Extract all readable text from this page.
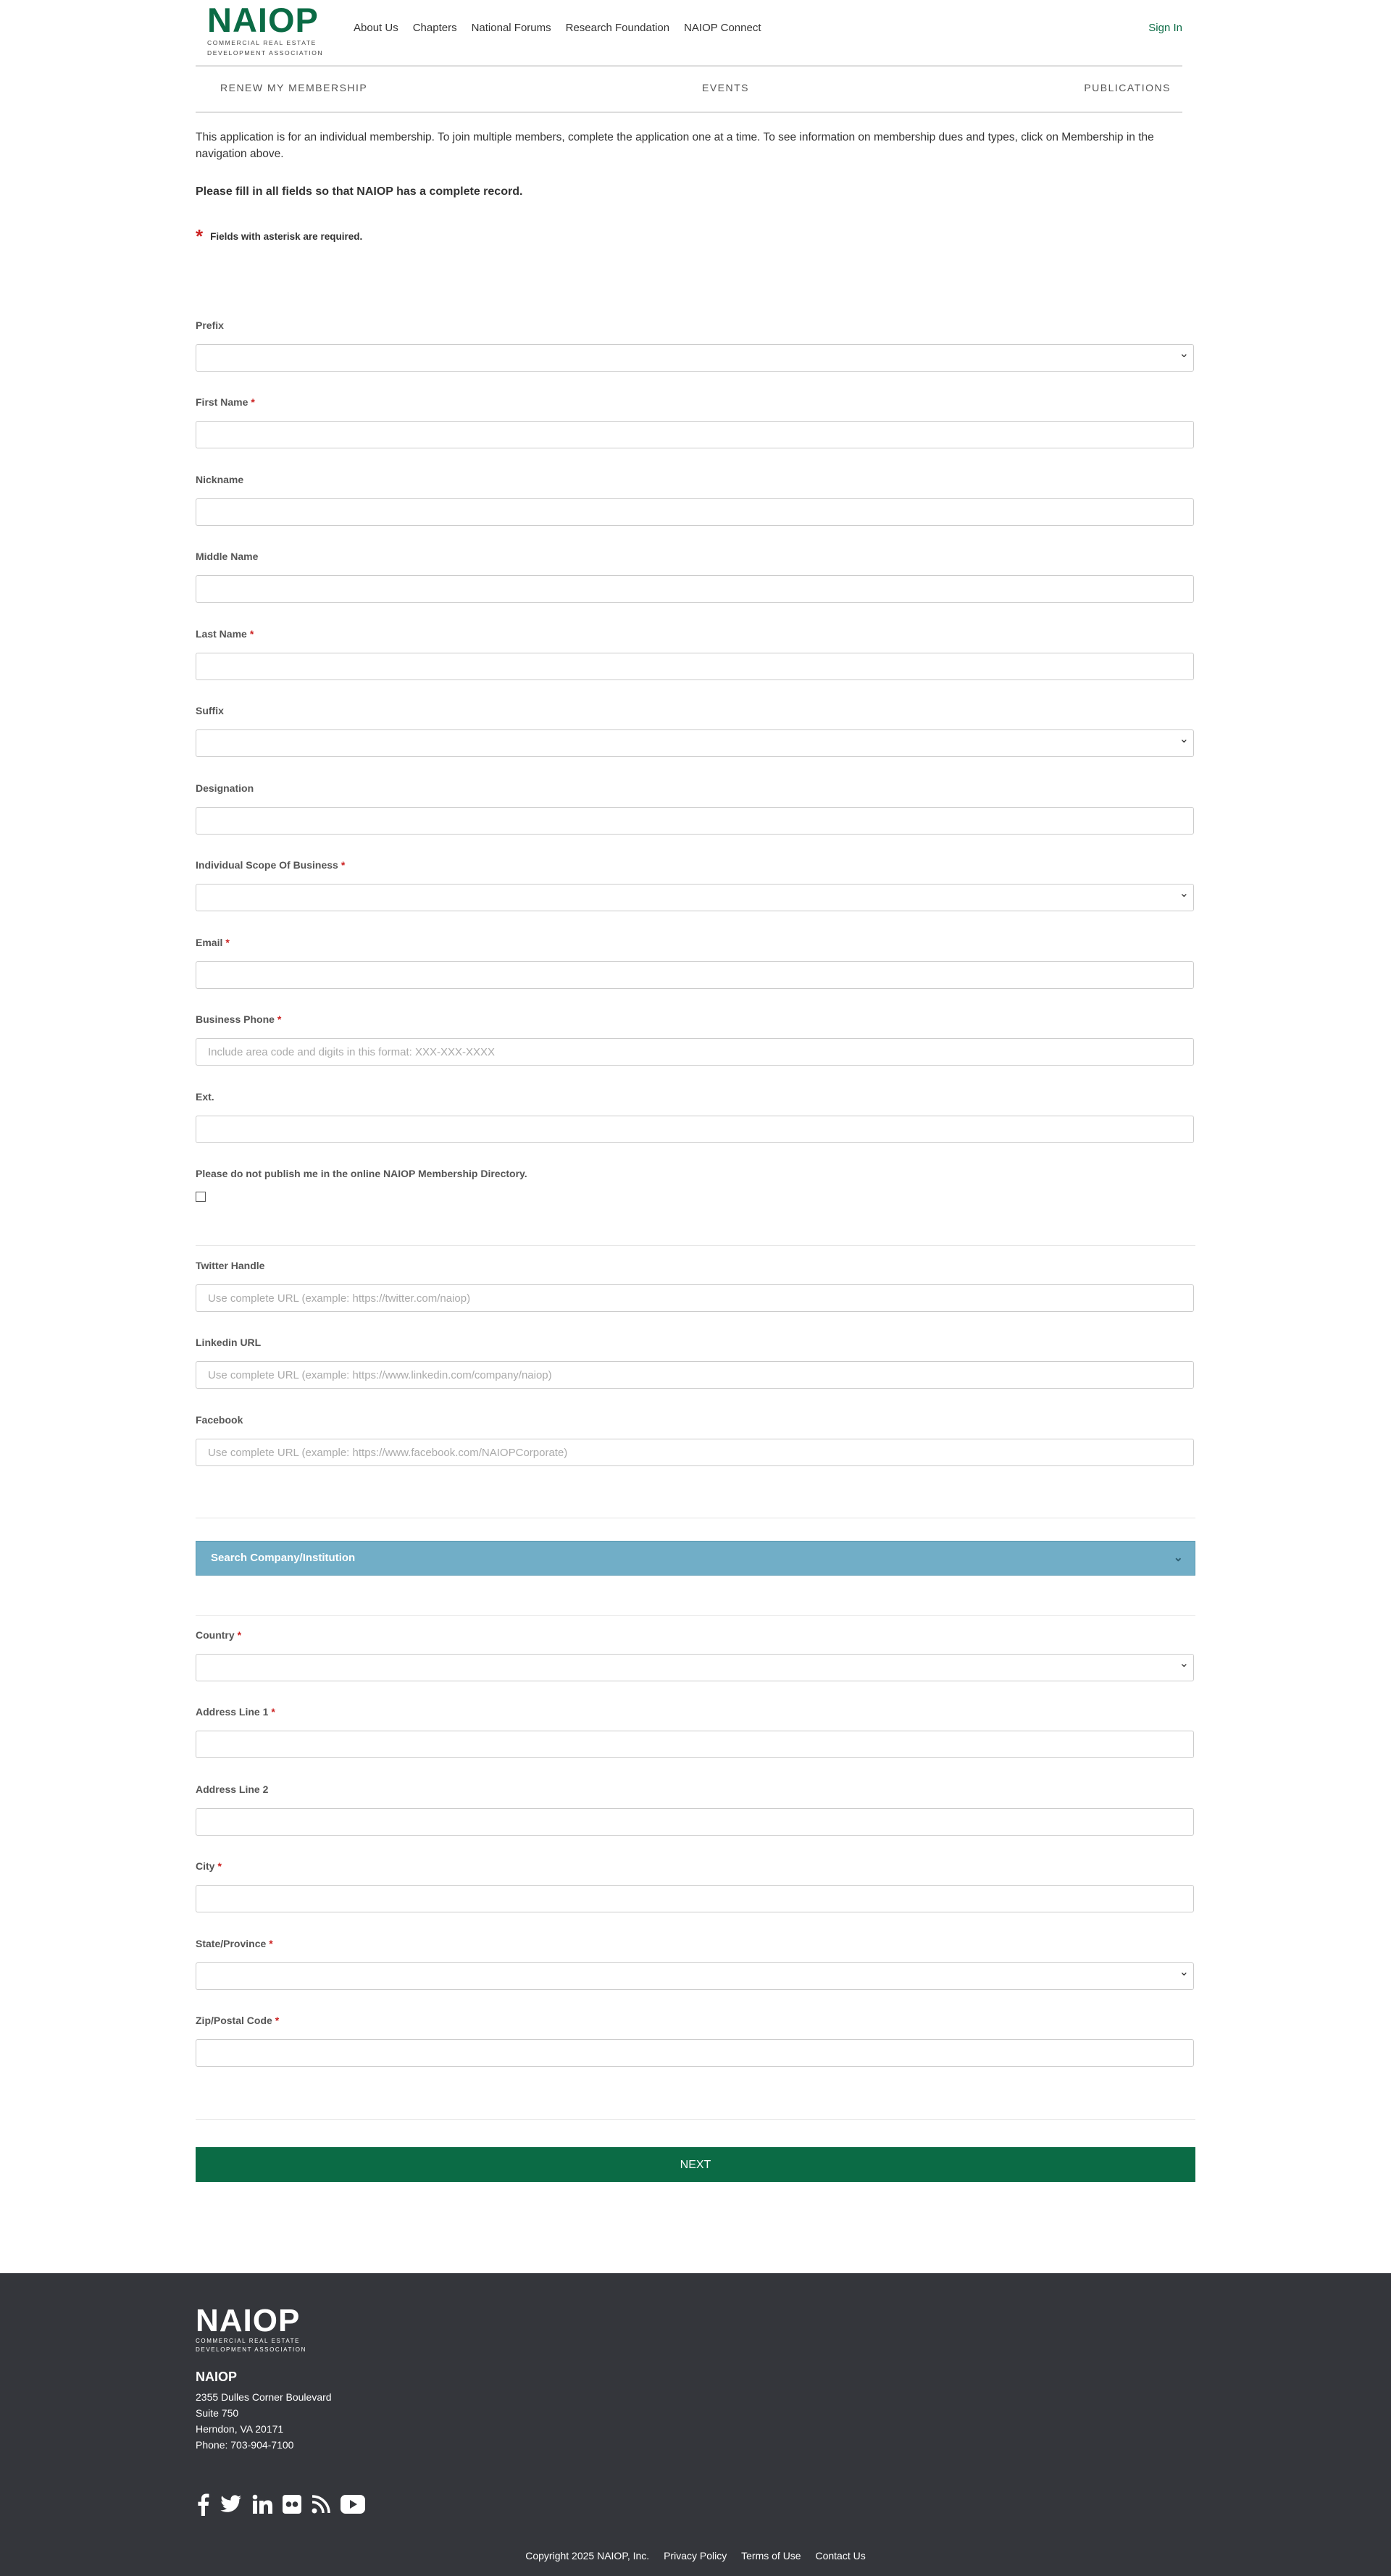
NAIOP
COMMERCIAL REAL ESTATE
DEVELOPMENT ASSOCIATION
About Us Chapters National Forums Research Foundation NAIOP Connect	Sign In
RENEW MY MEMBERSHIP	EVENTS	PUBLICATIONS
This application is for an individual membership. To join multiple members, complete the application one at a time. To see information on membership dues and types, click on Membership in the navigation above.
Please fill in all fields so that NAIOP has a complete record.
* Fields with asterisk are required.
Prefix
⌄
First Name *
Nickname
Middle Name
Last Name *
Suffix
⌄
Designation
Individual Scope Of Business *
⌄
Email *
Business Phone *
Include area code and digits in this format: XXX-XXX-XXXX
Ext.
Please do not publish me in the online NAIOP Membership Directory.
Twitter Handle
Use complete URL (example: https://twitter.com/naiop)
Linkedin URL
Use complete URL (example: https://www.linkedin.com/company/naiop)
Facebook
Use complete URL (example: https://www.facebook.com/NAIOPCorporate)
Search Company/Institution	⌄
Country *
⌄
Address Line 1 *
Address Line 2
City *
State/Province *
⌄
Zip/Postal Code *
NEXT
NAIOP
COMMERCIAL REAL ESTATE
DEVELOPMENT ASSOCIATION
NAIOP
2355 Dulles Corner Boulevard
Suite 750
Herndon, VA 20171
Phone: 703-904-7100
Copyright 2025 NAIOP, Inc. Privacy Policy Terms of Use Contact Us
